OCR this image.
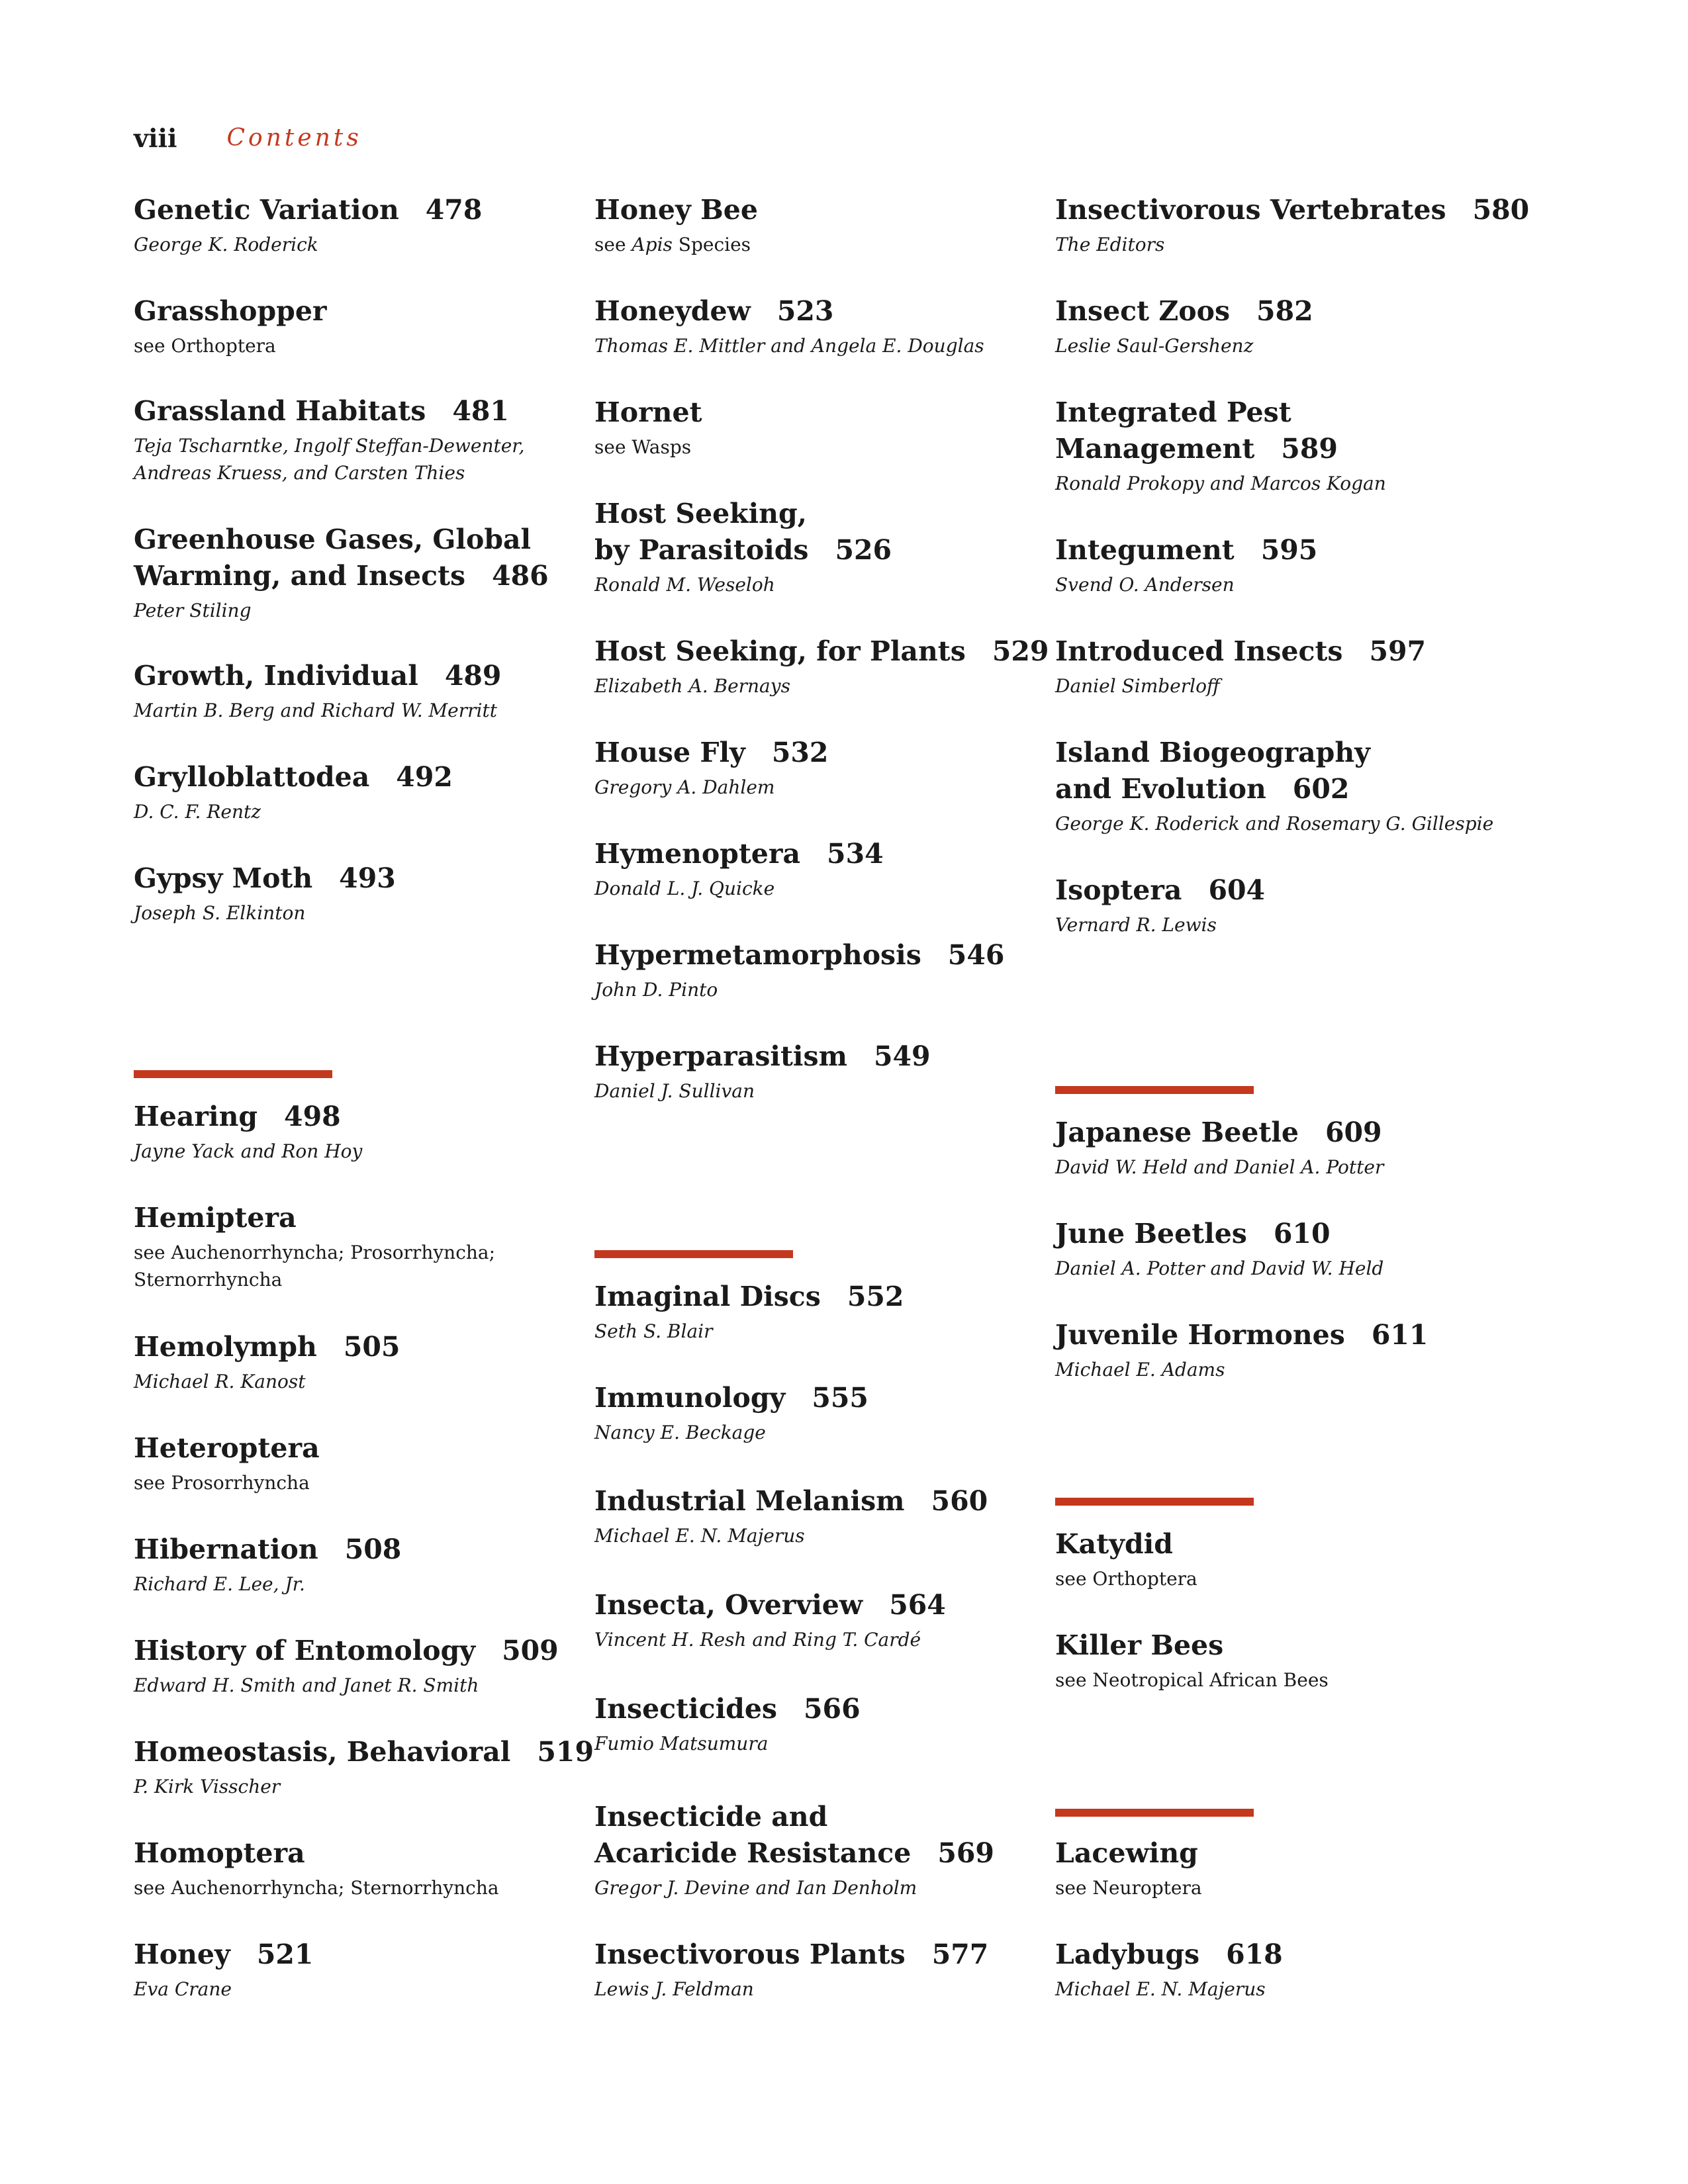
viii Contents
Genetic Variation 478
George K. Roderick
Grasshopper
see Orthoptera
Grassland Habitats 481
Teja Tscharntke, Ingolf Steffan-Dewenter,
Andreas Kruess, and Carsten Thies
Greenhouse Gases, Global
Warming, and Insects 486
Peter Stiling
Growth, Individual 489
Martin B. Berg and Richard W. Merritt
Grylloblattodea 492
D. C. F. Rentz
Gypsy Moth 493
Joseph S. Elkinton
Hearing 498
Jayne Yack and Ron Hoy
Hemiptera
see Auchenorrhyncha; Prosorrhyncha;
Sternorrhyncha
Hemolymph 505
Michael R. Kanost
Heteroptera
see Prosorrhyncha
Hibernation 508
Richard E. Lee, Jr.
History of Entomology 509
Edward H. Smith and Janet R. Smith
Homeostasis, Behavioral 519
P. Kirk Visscher
Homoptera
see Auchenorrhyncha; Sternorrhyncha
Honey 521
Eva Crane
Honey Bee
see Apis Species
Honeydew 523
Thomas E. Mittler and Angela E. Douglas
Hornet
see Wasps
Host Seeking,
by Parasitoids 526
Ronald M. Weseloh
Host Seeking, for Plants 529
Elizabeth A. Bernays
House Fly 532
Gregory A. Dahlem
Hymenoptera 534
Donald L. J. Quicke
Hypermetamorphosis 546
John D. Pinto
Hyperparasitism 549
Daniel J. Sullivan
Imaginal Discs 552
Seth S. Blair
Immunology 555
Nancy E. Beckage
Industrial Melanism 560
Michael E. N. Majerus
Insecta, Overview 564
Vincent H. Resh and Ring T. Cardé
Insecticides 566
Fumio Matsumura
Insecticide and
Acaricide Resistance 569
Gregor J. Devine and Ian Denholm
Insectivorous Plants 577
Lewis J. Feldman
Insectivorous Vertebrates 580
The Editors
Insect Zoos 582
Leslie Saul-Gershenz
Integrated Pest
Management 589
Ronald Prokopy and Marcos Kogan
Integument 595
Svend O. Andersen
Introduced Insects 597
Daniel Simberloff
Island Biogeography
and Evolution 602
George K. Roderick and Rosemary G. Gillespie
Isoptera 604
Vernard R. Lewis
Japanese Beetle 609
David W. Held and Daniel A. Potter
June Beetles 610
Daniel A. Potter and David W. Held
Juvenile Hormones 611
Michael E. Adams
Katydid
see Orthoptera
Killer Bees
see Neotropical African Bees
Lacewing
see Neuroptera
Ladybugs 618
Michael E. N. Majerus
